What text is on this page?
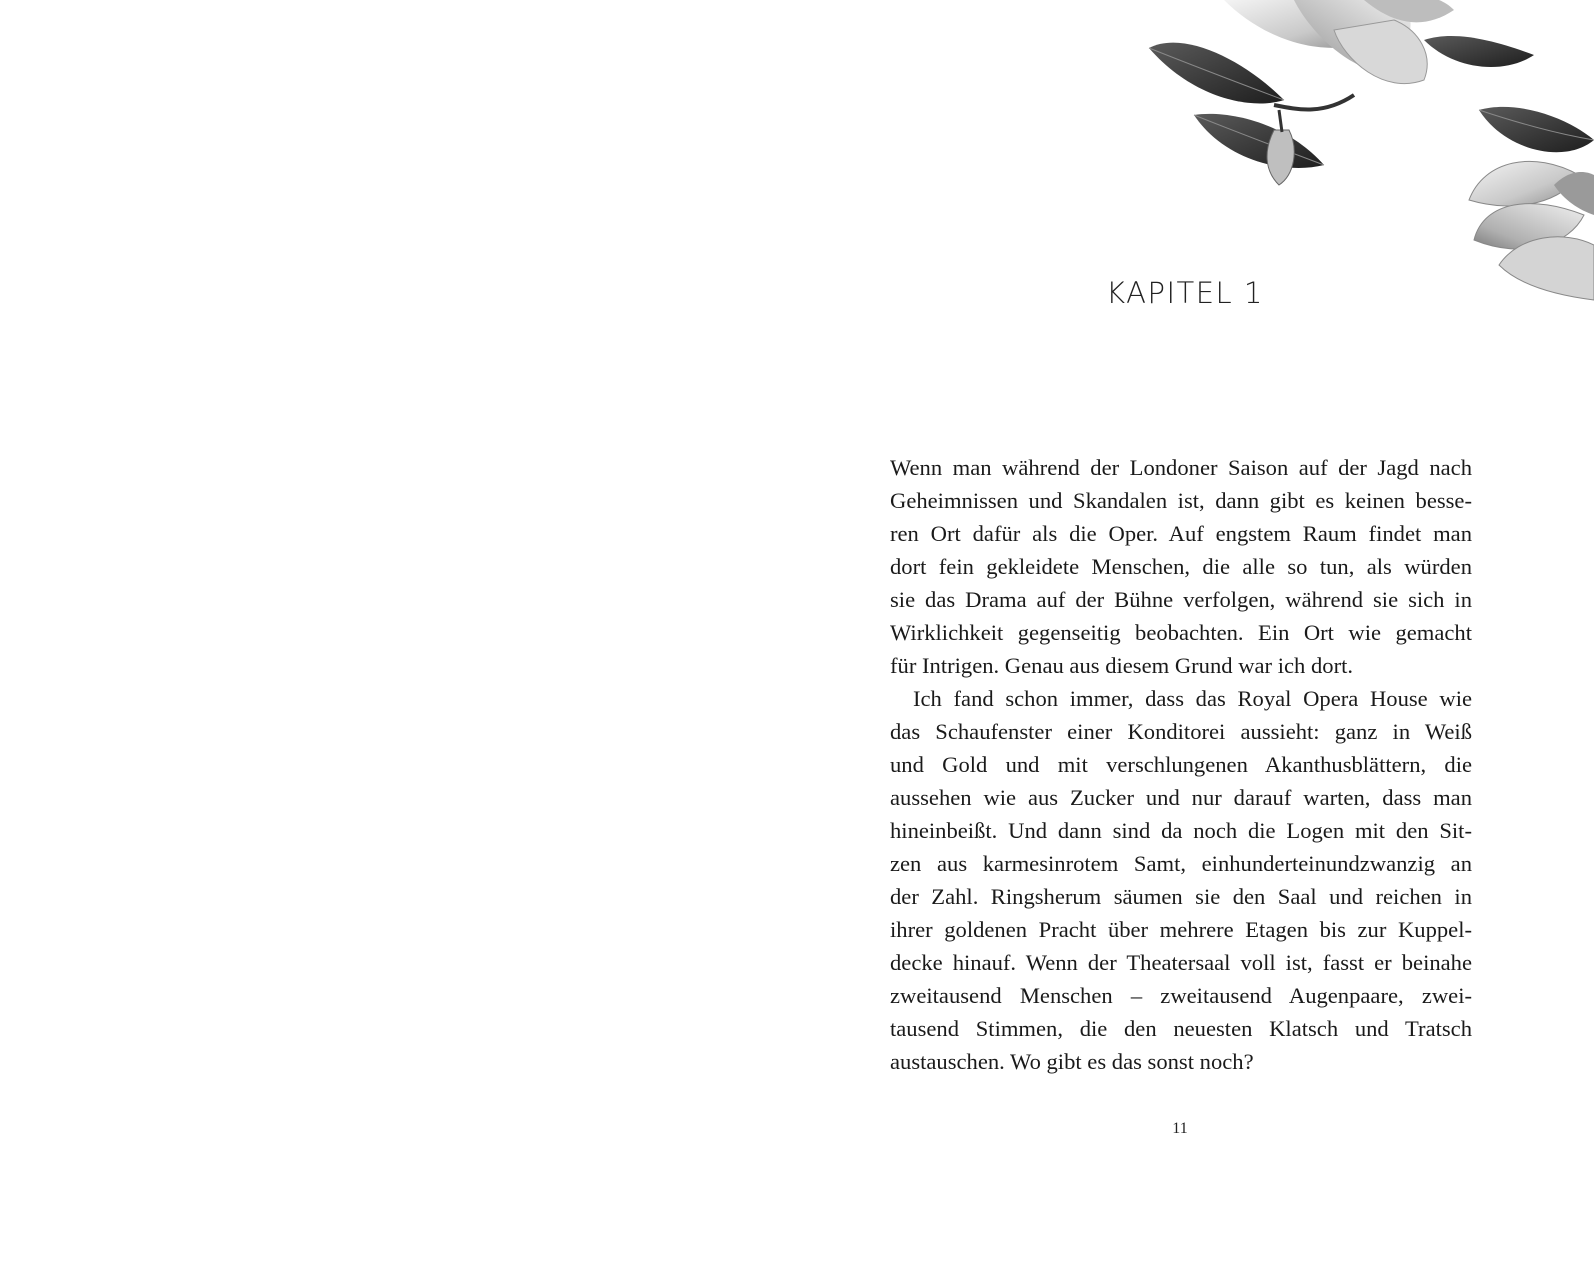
KAPITEL 1
Wenn man während der Londoner Saison auf der Jagd nach
Geheimnissen und Skandalen ist, dann gibt es keinen besse-
ren Ort dafür als die Oper. Auf engstem Raum findet man
dort fein gekleidete Menschen, die alle so tun, als würden
sie das Drama auf der Bühne verfolgen, während sie sich in
Wirklichkeit gegenseitig beobachten. Ein Ort wie gemacht
für Intrigen. Genau aus diesem Grund war ich dort.
Ich fand schon immer, dass das Royal Opera House wie
das Schaufenster einer Konditorei aussieht: ganz in Weiß
und Gold und mit verschlungenen Akanthusblättern, die
aussehen wie aus Zucker und nur darauf warten, dass man
hineinbeißt. Und dann sind da noch die Logen mit den Sit-
zen aus karmesinrotem Samt, einhunderteinundzwanzig an
der Zahl. Ringsherum säumen sie den Saal und reichen in
ihrer goldenen Pracht über mehrere Etagen bis zur Kuppel-
decke hinauf. Wenn der Theatersaal voll ist, fasst er beinahe
zweitausend Menschen – zweitausend Augenpaare, zwei-
tausend Stimmen, die den neuesten Klatsch und Tratsch
austauschen. Wo gibt es das sonst noch?
11
